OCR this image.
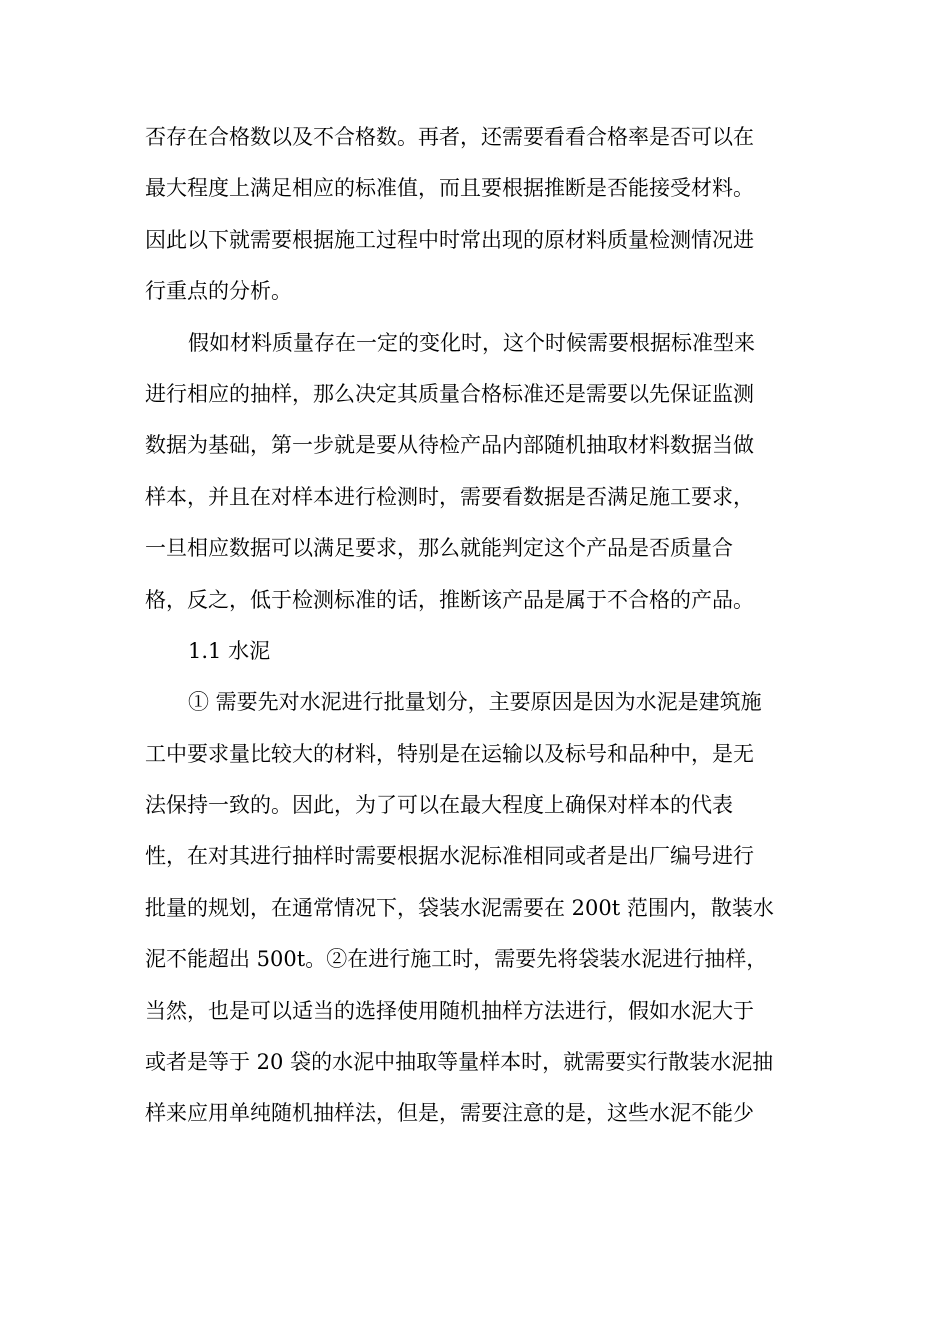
否存在合格数以及不合格数。再者，还需要看看合格率是否可以在
最大程度上满足相应的标准值，而且要根据推断是否能接受材料。
因此以下就需要根据施工过程中时常出现的原材料质量检测情况进
行重点的分析。
假如材料质量存在一定的变化时，这个时候需要根据标准型来
进行相应的抽样，那么决定其质量合格标准还是需要以先保证监测
数据为基础，第一步就是要从待检产品内部随机抽取材料数据当做
样本，并且在对样本进行检测时，需要看数据是否满足施工要求，
一旦相应数据可以满足要求，那么就能判定这个产品是否质量合
格，反之，低于检测标准的话，推断该产品是属于不合格的产品。
1.1 水泥
① 需要先对水泥进行批量划分，主要原因是因为水泥是建筑施
工中要求量比较大的材料，特别是在运输以及标号和品种中，是无
法保持一致的。因此，为了可以在最大程度上确保对样本的代表
性，在对其进行抽样时需要根据水泥标准相同或者是出厂编号进行
批量的规划，在通常情况下，袋装水泥需要在 200t 范围内，散装水
泥不能超出 500t。②在进行施工时，需要先将袋装水泥进行抽样，
当然，也是可以适当的选择使用随机抽样方法进行，假如水泥大于
或者是等于 20 袋的水泥中抽取等量样本时，就需要实行散装水泥抽
样来应用单纯随机抽样法，但是，需要注意的是，这些水泥不能少
